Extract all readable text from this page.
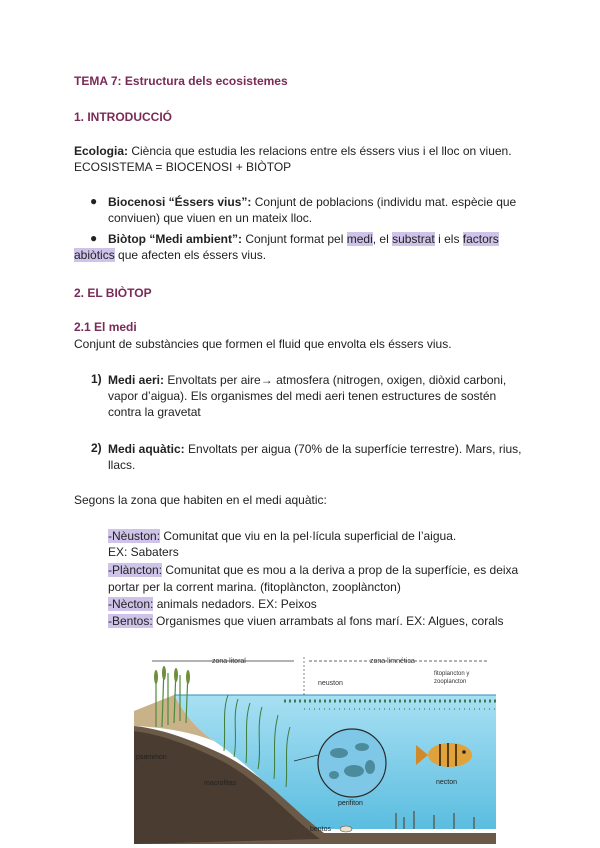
TEMA 7: Estructura dels ecosistemes
1. INTRODUCCIÓ
Ecologia: Ciència que estudia les relacions entre els éssers vius i el lloc on viuen.
ECOSISTEMA = BIOCENOSI + BIÒTOP
● Biocenosi “Éssers vius”: Conjunt de poblacions (individu mat. espècie que
conviuen) que viuen en un mateix lloc.
● Biòtop “Medi ambient”: Conjunt format pel medi, el substrat i els factors
abiòtics que afecten els éssers vius.
2. EL BIÒTOP
2.1 El medi
Conjunt de substàncies que formen el fluid que envolta els éssers vius.
1) Medi aeri: Envoltats per aire→ atmosfera (nitrogen, oxigen, diòxid carboni,
vapor d’aigua). Els organismes del medi aeri tenen estructures de sostén
contra la gravetat
2) Medi aquàtic: Envoltats per aigua (70% de la superfície terrestre). Mars, rius,
llacs.
Segons la zona que habiten en el medi aquàtic:
-Nèuston: Comunitat que viu en la pel·lícula superficial de l’aigua.
EX: Sabaters
-Plàncton: Comunitat que es mou a la deriva a prop de la superfície, es deixa
portar per la corrent marina. (fitoplàncton, zooplàncton)
-Nècton: animals nedadors. EX: Peixos
-Bentos: Organismes que viuen arrambats al fons marí. EX: Algues, corals
zona litoral	zona limnética
fitoplancton y
zooplancton
neuston
psammon
macrofitas
perifiton
necton
bentos
